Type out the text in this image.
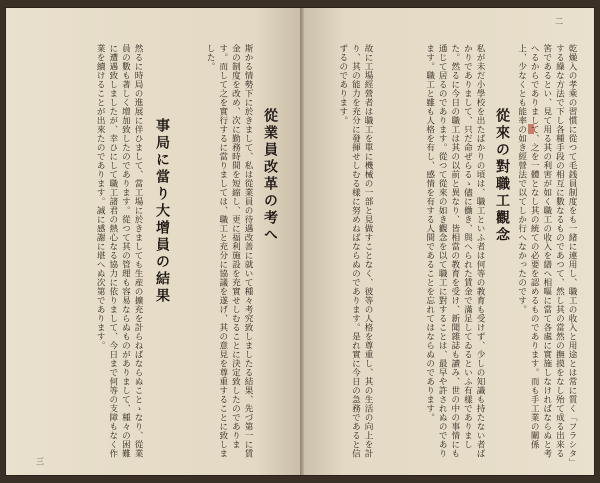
二
乾燥入の孝乘の習慣に從つて毛銭員制度をも一緒に連用し、職工の收入と用途とは常に質く「フラシタ」する繰な方法で下し各種手段の相互に數なるものであつて、然し其の當然の撫摸をなし殆て成る出来る筈であるとい、見て用る其の利害が如く職工の收入を繕へ相嘔に當て各處に實施しなければならぬと考へるからでありまして、之を一體となし其の統ての必要を認めるものであります。而も手工業の關係上、少なくとも能率の如き經營法で以てしか行へなかったのです。
從來の對職工觀念
私が未だ小學校を出たばかりの頃は、職工といふ者は何等の教育も受けず、少しの知識も持たない者ばかりでありまして、只だ命ぜらるゝ儘に働き、與へられた賃金で滿足してゐるといふ有樣でありました。然るに今日の職工は其の以前と異なり、皆相當の教育を受け、新聞雜誌も讀み、世の中の事情にも通じて居るのであります。從つて從來の如き觀念を以て職工に對することは、最早や許されぬのであります。職工と雖も人格を有し、感情を有する人間であることを忘れてはならぬのであります。
故に工場經營者は職工を單に機械の一部と見做すことなく、彼等の人格を尊重し、其の生活の向上を計り、其の能力を充分に發揮せしむる樣に努めねばならぬのであります。是れ實に今日の急務であると信ずるのであります。
三
從業員改革の考へ
斯かる情勢下に於きまして、私は從業員の待遇改善に就いて種々考究致しましたる結果、先づ第一に賃金の制度を改め、次に勤務時間を短縮し、更に福利施設を充實せしむることに決定致したのであります。而して之を實行するに當りましては、職工と充分に協議を遂げ、其の意見を尊重することに致しました。
事局に當り大增員の結果
然るに時局の進展に伴ひまして、當工場に於きましても生産の擴充を計らねばならぬことゝなり、從業員の數も著しく增加致したのであります。從つて其の管理も容易ならぬものがありまして、種々の困難に遭遇致しましたが、幸ひにして職工諸君の熱心なる協力に依りまして、今日まで何等の支障もなく作業を續けることが出來たのであります。誠に感謝に堪へぬ次第であります。
